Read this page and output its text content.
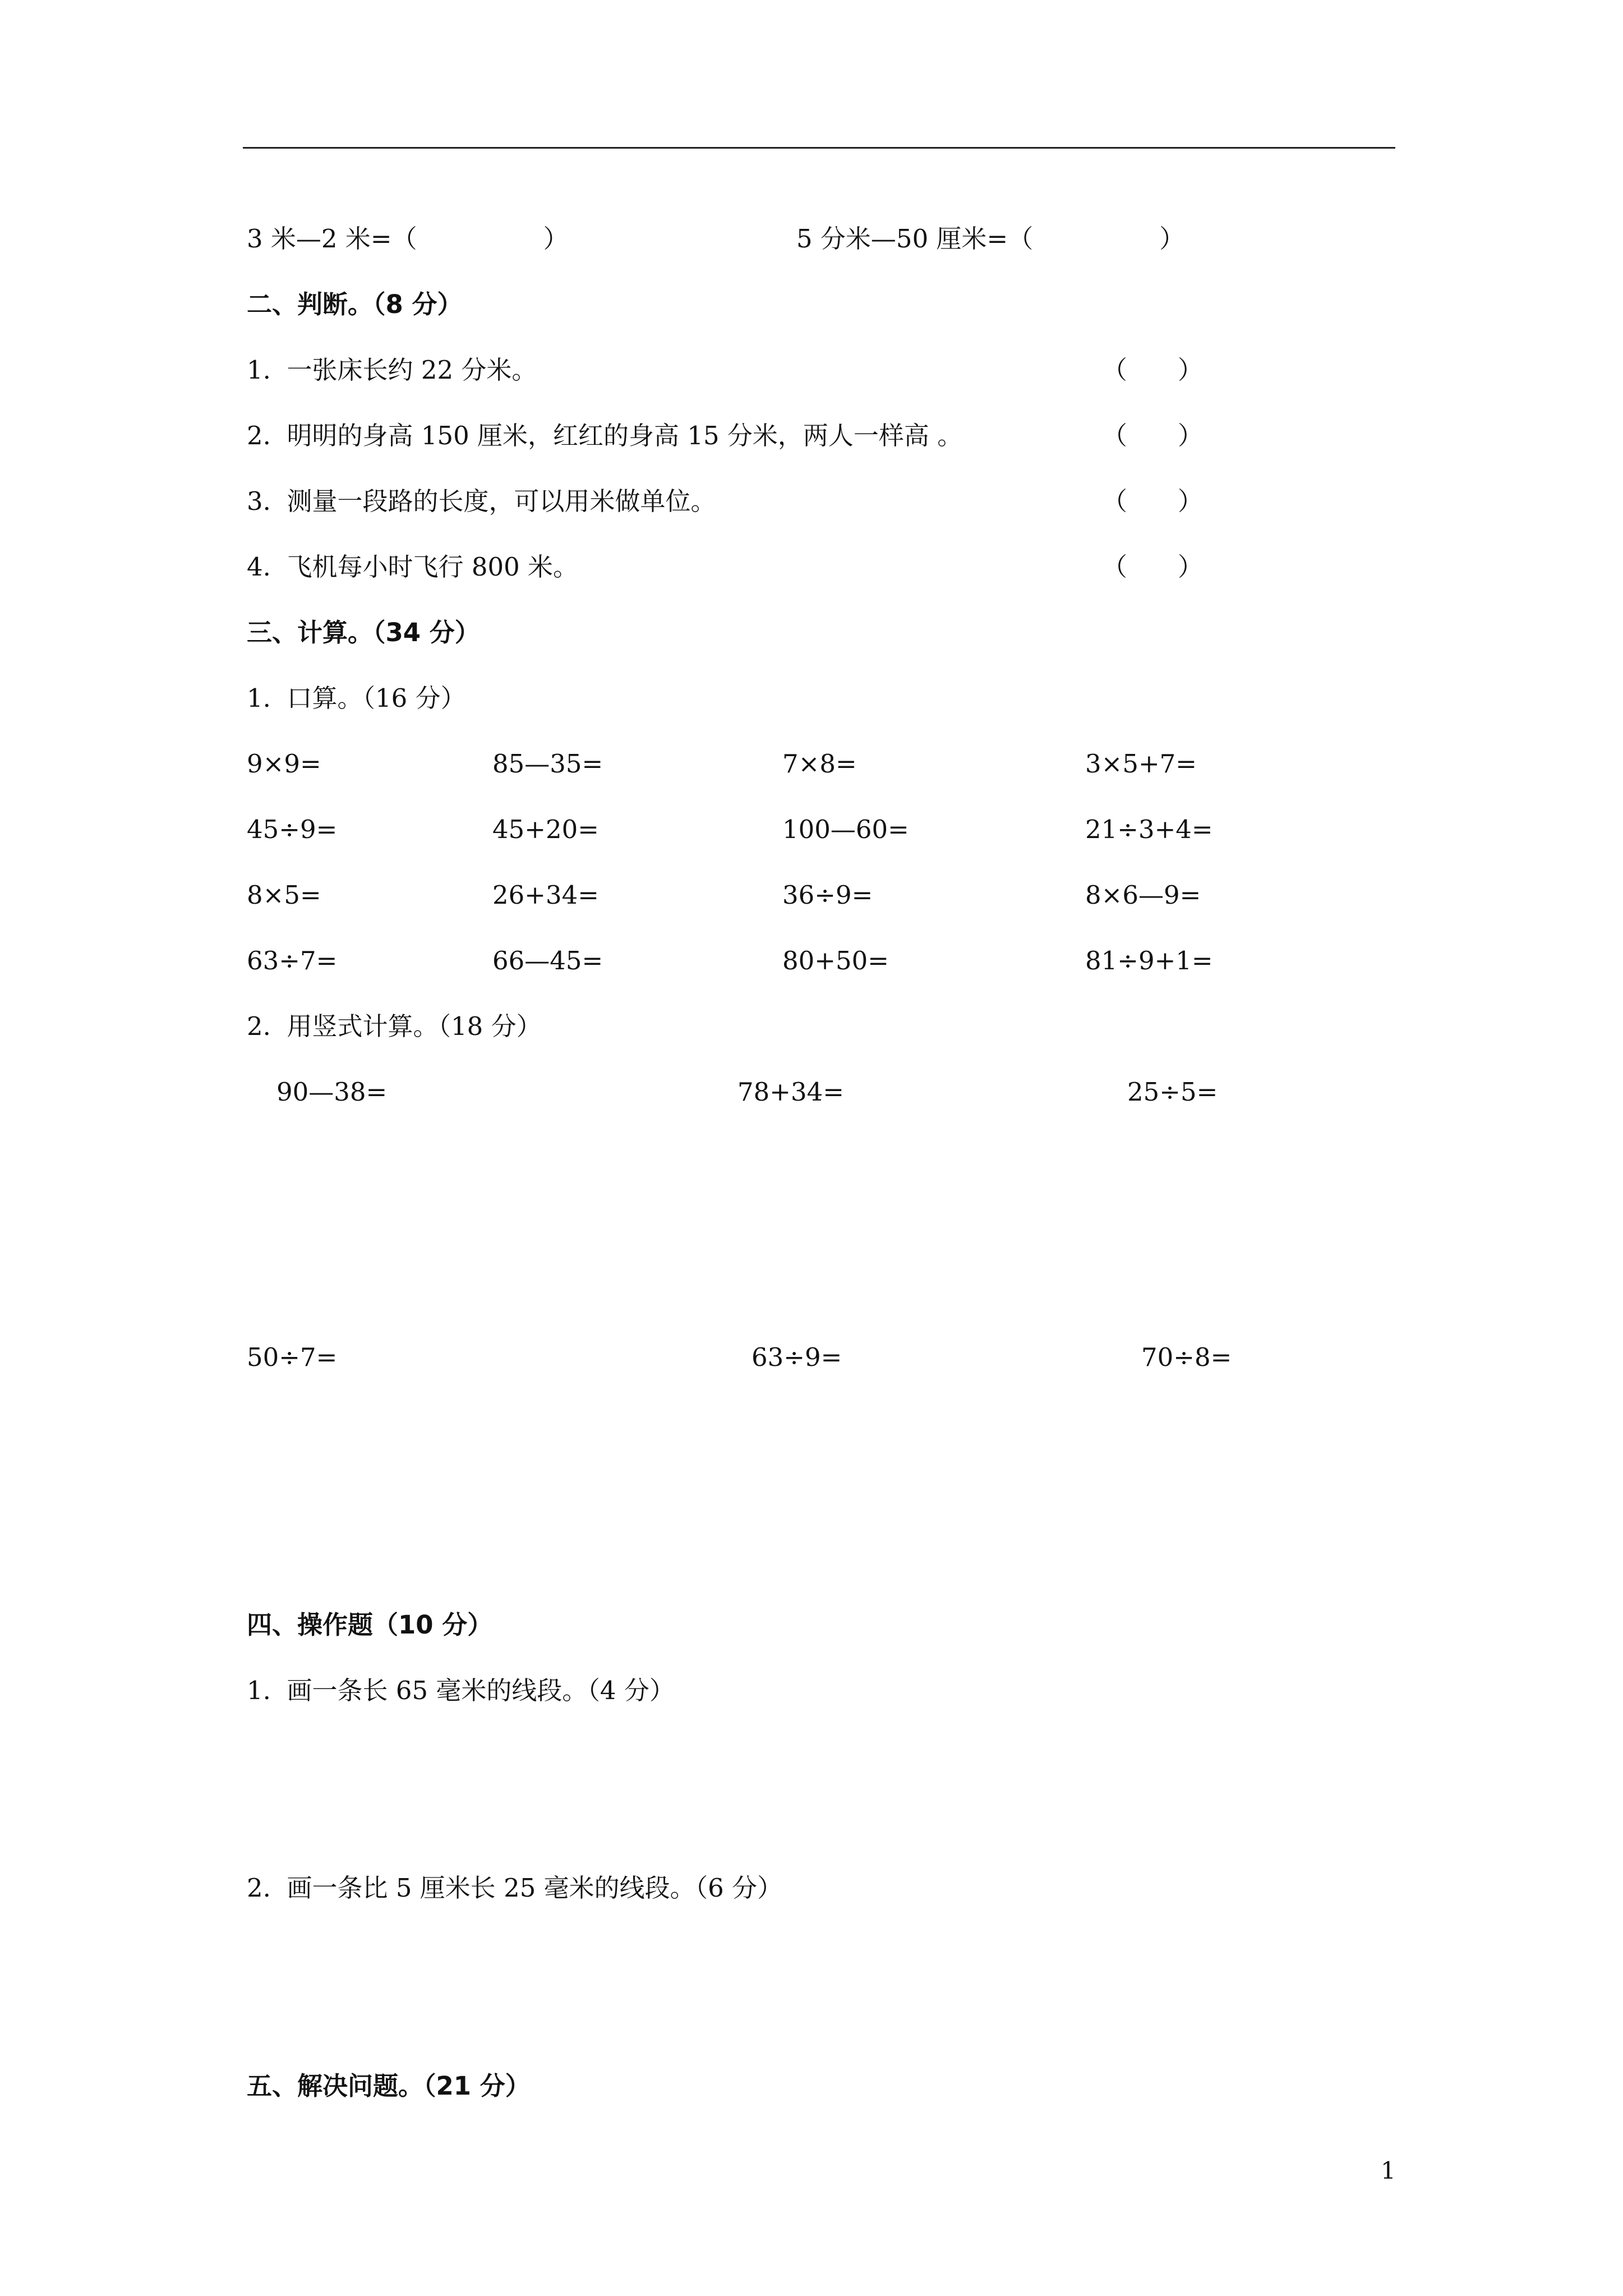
3 米—2 米=（　　　　　）	5 分米—50 厘米=（　　　　　）
二、判断。（8 分）
1.  一张床长约 22 分米。	（　　）
2.  明明的身高 150 厘米，红红的身高 15 分米，两人一样高 。	（　　）
3.  测量一段路的长度，可以用米做单位。	（　　）
4.  飞机每小时飞行 800 米。	（　　）
三、计算。（34 分）
1.  口算。（16 分）
9×9=	85—35=	7×8=	3×5+7=
45÷9=	45+20=	100—60=	21÷3+4=
8×5=	26+34=	36÷9=	8×6—9=
63÷7=	66—45=	80+50=	81÷9+1=
2.  用竖式计算。（18 分）
90—38=	78+34=	25÷5=
50÷7=	63÷9=	70÷8=
四、操作题（10 分）
1.  画一条长 65 毫米的线段。（4 分）
2.  画一条比 5 厘米长 25 毫米的线段。（6 分）
五、解决问题。（21 分）
1
